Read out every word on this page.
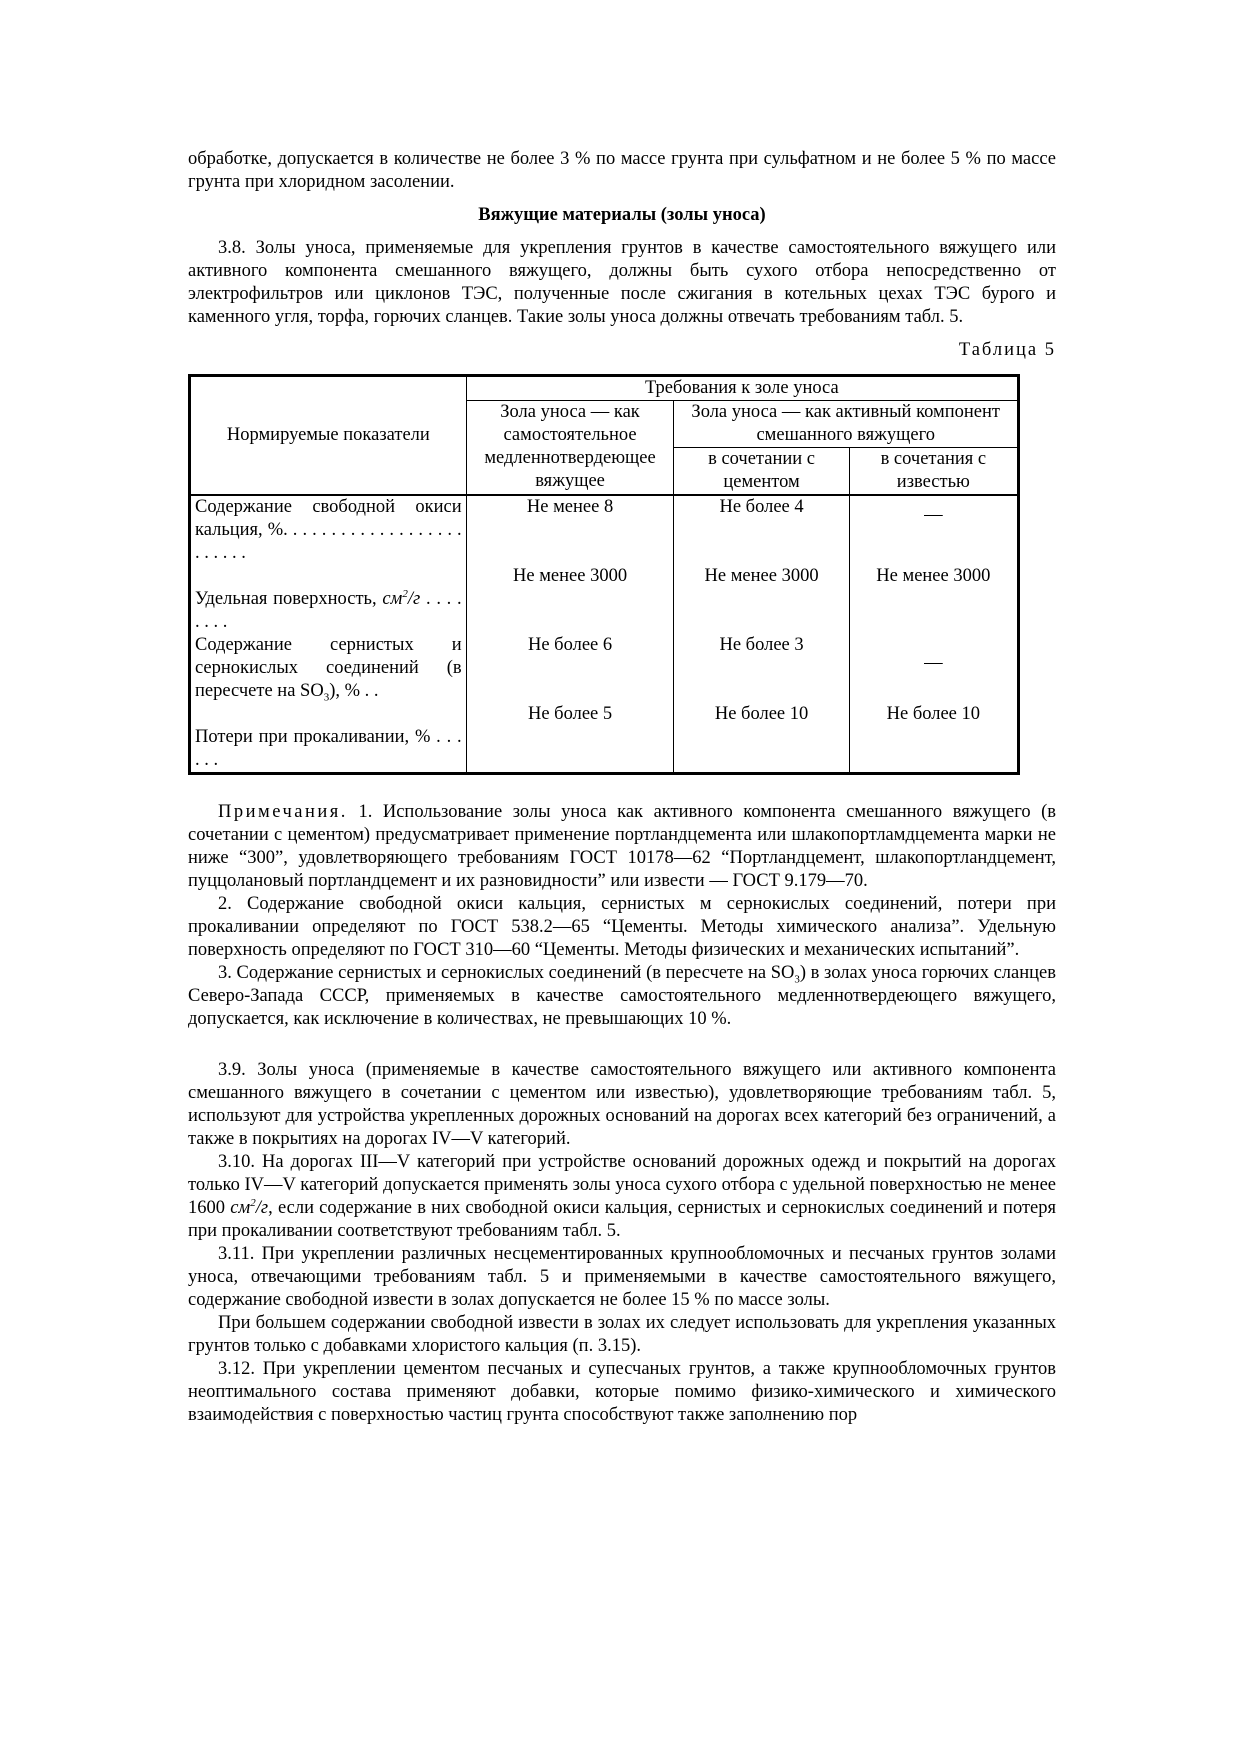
обработке, допускается в количестве не более 3 % по массе грунта при сульфатном и не более 5 % по массе грунта при хлоридном засолении.

Вяжущие материалы (золы уноса)

3.8. Золы уноса, применяемые для укрепления грунтов в качестве самостоятельного вяжущего или активного компонента смешанного вяжущего, должны быть сухого отбора непосредственно от электрофильтров или циклонов ТЭС, полученные после сжигания в котельных цехах ТЭС бурого и каменного угля, торфа, горючих сланцев. Такие золы уноса должны отвечать требованиям табл. 5.

Таблица 5

Нормируемые показатели	Требования к золе уноса		
	Зола уноса — как самостоятельное медленнотвердеющее вяжущее	Зола уноса — как активный компонент смешанного вяжущего	
		в сочетании с цементом	в сочетания с известью
Содержание свободной окиси кальция, %. . . . . . . . . . . . . . . . . . . . . . . . .	Не менее 8	Не более 4	—
Удельная поверхность, $см^2/г$ . . . . . . . .	Не менее 3000	Не менее 3000	Не менее 3000
Содержание сернистых и сернокислых соединений (в пересчете на $SO_3$), % . .	Не более 6	Не более 3	—
Потери при прокаливании, % . . . . . .	Не более 5	Не более 10	Не более 10

Примечания. 1. Использование золы уноса как активного компонента смешанного вяжущего (в сочетании с цементом) предусматривает применение портландцемента или шлакопортламдцемента марки не ниже “300”, удовлетворяющего требованиям ГОСТ 10178—62 “Портландцемент, шлакопортландцемент, пуццолановый портландцемент и их разновидности” или извести — ГОСТ 9.179—70.

2. Содержание свободной окиси кальция, сернистых м сернокислых соединений, потери при прокаливании определяют по ГОСТ 538.2—65 “Цементы. Методы химического анализа”. Удельную поверхность определяют по ГОСТ 310—60 “Цементы. Методы физических и механических испытаний”.

3. Содержание сернистых и сернокислых соединений (в пересчете на $SO_3$) в золах уноса горючих сланцев Северо-Запада СССР, применяемых в качестве самостоятельного медленнотвердеющего вяжущего, допускается, как исключение в количествах, не превышающих 10 %.

3.9. Золы уноса (применяемые в качестве самостоятельного вяжущего или активного компонента смешанного вяжущего в сочетании с цементом или известью), удовлетворяющие требованиям табл. 5, используют для устройства укрепленных дорожных оснований на дорогах всех категорий без ограничений, а также в покрытиях на дорогах IV—V категорий.

3.10. На дорогах III—V категорий при устройстве оснований дорожных одежд и покрытий на дорогах только IV—V категорий допускается применять золы уноса сухого отбора с удельной поверхностью не менее 1600 $см^2/г$, если содержание в них свободной окиси кальция, сернистых и сернокислых соединений и потеря при прокаливании соответствуют требованиям табл. 5.

3.11. При укреплении различных несцементированных крупнообломочных и песчаных грунтов золами уноса, отвечающими требованиям табл. 5 и применяемыми в качестве самостоятельного вяжущего, содержание свободной извести в золах допускается не более 15 % по массе золы.

При большем содержании свободной извести в золах их следует использовать для укрепления указанных грунтов только с добавками хлористого кальция (п. 3.15).

3.12. При укреплении цементом песчаных и супесчаных грунтов, а также крупнообломочных грунтов неоптимального состава применяют добавки, которые помимо физико-химического и химического взаимодействия с поверхностью частиц грунта способствуют также заполнению пор
